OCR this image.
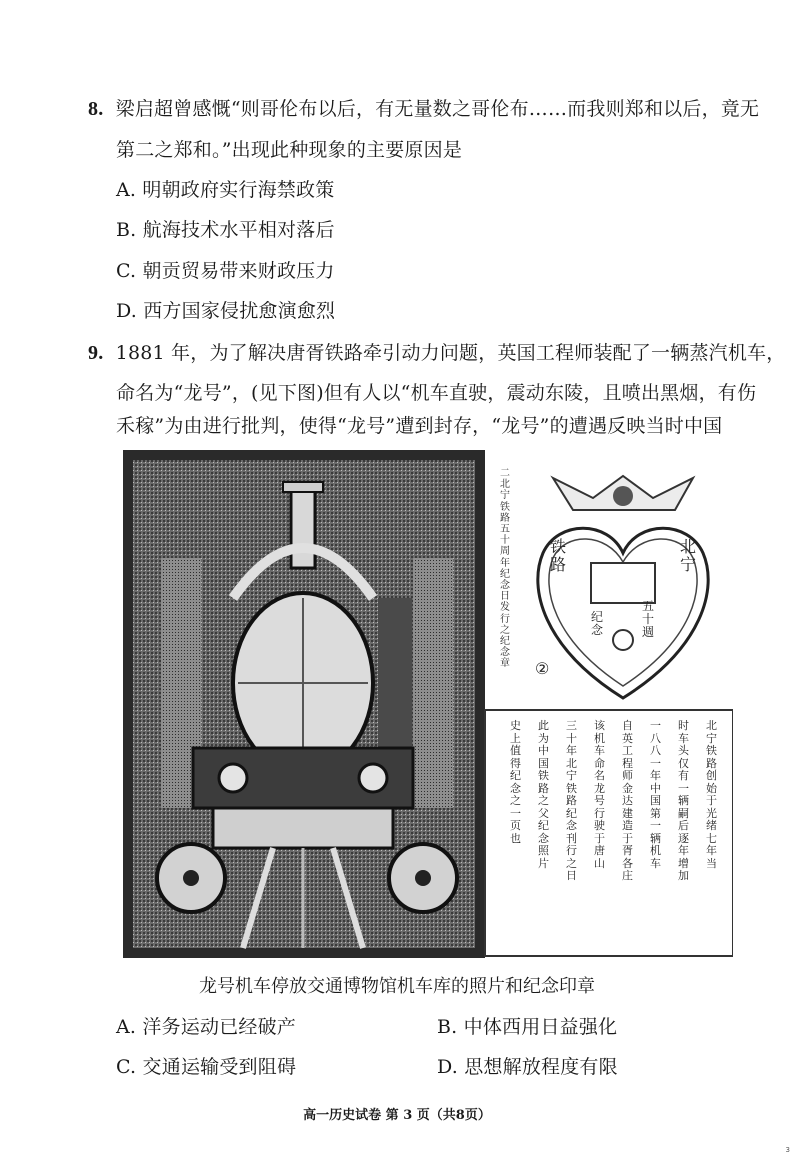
8. 梁启超曾感慨“则哥伦布以后，有无量数之哥伦布……而我则郑和以后，竟无
第二之郑和。”出现此种现象的主要原因是
A. 明朝政府实行海禁政策
B. 航海技术水平相对落后
C. 朝贡贸易带来财政压力
D. 西方国家侵扰愈演愈烈
9. 1881 年，为了解决唐胥铁路牵引动力问题，英国工程师装配了一辆蒸汽机车，
命名为“龙号”，(见下图)但有人以“机车直驶，震动东陵，且喷出黑烟，有伤
禾稼”为由进行批判，使得“龙号”遭到封存，“龙号”的遭遇反映当时中国
铁路
北宁
五十週
纪念
②
二北宁铁路五十周年纪念日发行之纪念章
北宁铁路创始于光绪七年当
时车头仅有一辆嗣后逐年增加
一八八一年中国第一辆机车
自英工程师金达建造于胥各庄
该机车命名龙号行驶于唐山
三十年北宁铁路纪念刊行之日
此为中国铁路之父纪念照片
史上值得纪念之一页也
龙号机车停放交通博物馆机车库的照片和纪念印章
A. 洋务运动已经破产	B. 中体西用日益强化
C. 交通运输受到阻碍	D. 思想解放程度有限
高一历史试卷 第 3 页（共8页）
3
